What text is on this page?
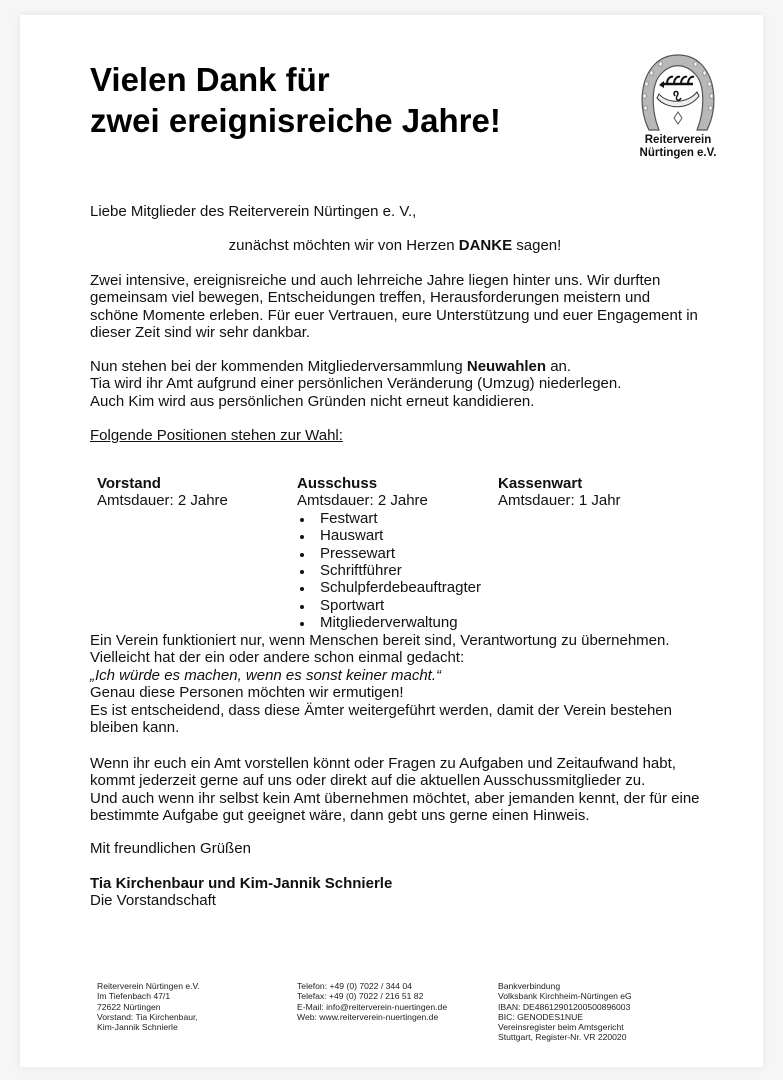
Vielen Dank für
zwei ereignisreiche Jahre!
Reiterverein
Nürtingen e.V.
Liebe Mitglieder des Reiterverein Nürtingen e. V.,
zunächst möchten wir von Herzen DANKE sagen!
Zwei intensive, ereignisreiche und auch lehrreiche Jahre liegen hinter uns. Wir durften gemeinsam viel bewegen, Entscheidungen treffen, Herausforderungen meistern und schöne Momente erleben. Für euer Vertrauen, eure Unterstützung und euer Engagement in dieser Zeit sind wir sehr dankbar.
Nun stehen bei der kommenden Mitgliederversammlung Neuwahlen an.
Tia wird ihr Amt aufgrund einer persönlichen Veränderung (Umzug) niederlegen.
Auch Kim wird aus persönlichen Gründen nicht erneut kandidieren.
Folgende Positionen stehen zur Wahl:
Vorstand
Amtsdauer: 2 Jahre
Ausschuss
Amtsdauer: 2 Jahre
Festwart
Hauswart
Pressewart
Schriftführer
Schulpferdebeauftragter
Sportwart
Mitgliederverwaltung
Kassenwart
Amtsdauer: 1 Jahr
Ein Verein funktioniert nur, wenn Menschen bereit sind, Verantwortung zu übernehmen.
Vielleicht hat der ein oder andere schon einmal gedacht:
„Ich würde es machen, wenn es sonst keiner macht.“
Genau diese Personen möchten wir ermutigen!
Es ist entscheidend, dass diese Ämter weitergeführt werden, damit der Verein bestehen bleiben kann.
Wenn ihr euch ein Amt vorstellen könnt oder Fragen zu Aufgaben und Zeitaufwand habt, kommt jederzeit gerne auf uns oder direkt auf die aktuellen Ausschussmitglieder zu.
Und auch wenn ihr selbst kein Amt übernehmen möchtet, aber jemanden kennt, der für eine bestimmte Aufgabe gut geeignet wäre, dann gebt uns gerne einen Hinweis.
Mit freundlichen Grüßen
Tia Kirchenbaur und Kim-Jannik Schnierle
Die Vorstandschaft
Reiterverein Nürtingen e.V.
Im Tiefenbach 47/1
72622 Nürtingen
Vorstand: Tia Kirchenbaur,
Kim-Jannik Schnierle
Telefon: +49 (0) 7022 / 344 04
Telefax: +49 (0) 7022 / 216 51 82
E-Mail: info@reiterverein-nuertingen.de
Web: www.reiterverein-nuertingen.de
Bankverbindung
Volksbank Kirchheim-Nürtingen eG
IBAN: DE48612901200500896003
BIC: GENODES1NUE
Vereinsregister beim Amtsgericht
Stuttgart, Register-Nr. VR 220020
